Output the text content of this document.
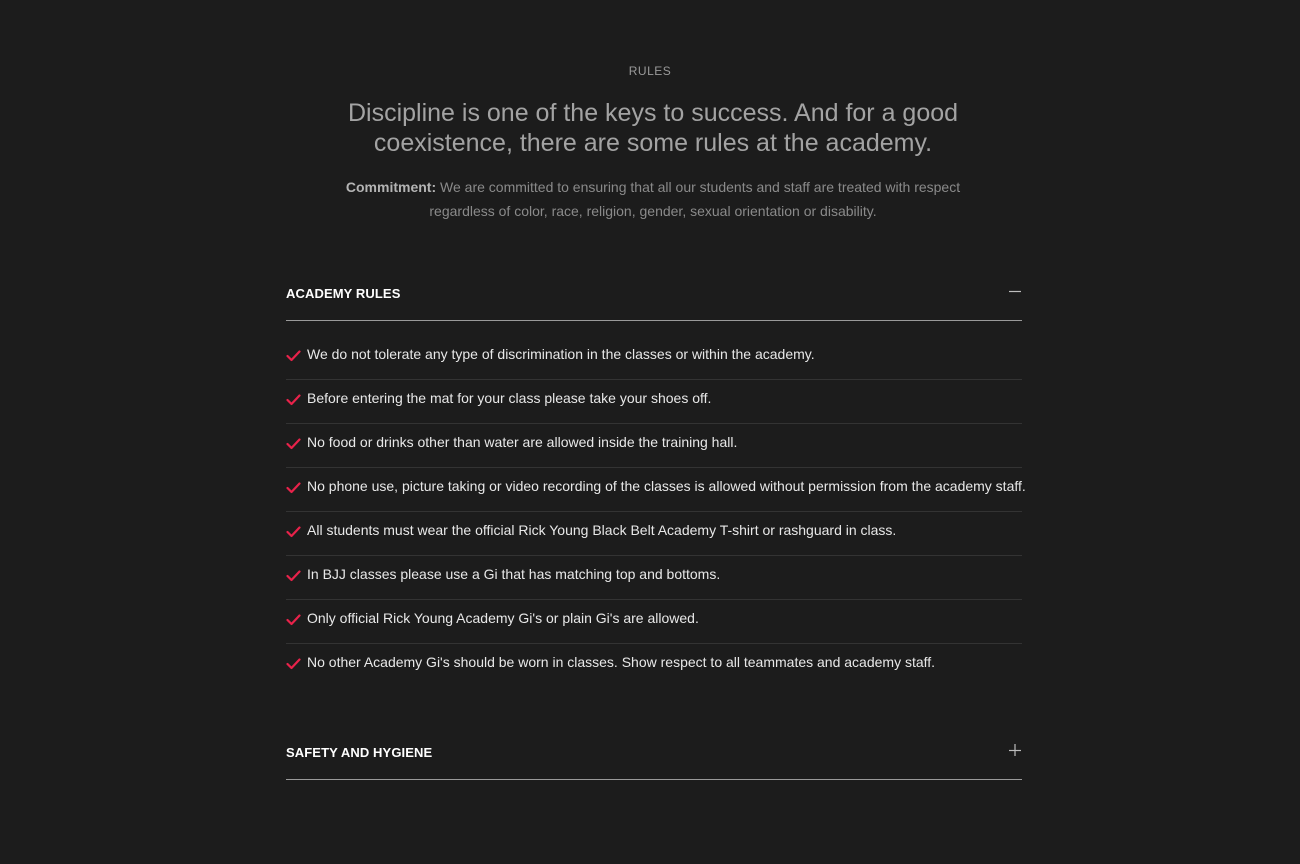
RULES
Discipline is one of the keys to success. And for a good coexistence, there are some rules at the academy.

Commitment: We are committed to ensuring that all our students and staff are treated with respect regardless of color, race, religion, gender, sexual orientation or disability.

ACADEMY RULES
We do not tolerate any type of discrimination in the classes or within the academy.
Before entering the mat for your class please take your shoes off.
No food or drinks other than water are allowed inside the training hall.
No phone use, picture taking or video recording of the classes is allowed without permission from the academy staff.
All students must wear the official Rick Young Black Belt Academy T-shirt or rashguard in class.
In BJJ classes please use a Gi that has matching top and bottoms.
Only official Rick Young Academy Gi's or plain Gi's are allowed.
No other Academy Gi's should be worn in classes. Show respect to all teammates and academy staff.
SAFETY AND HYGIENE
